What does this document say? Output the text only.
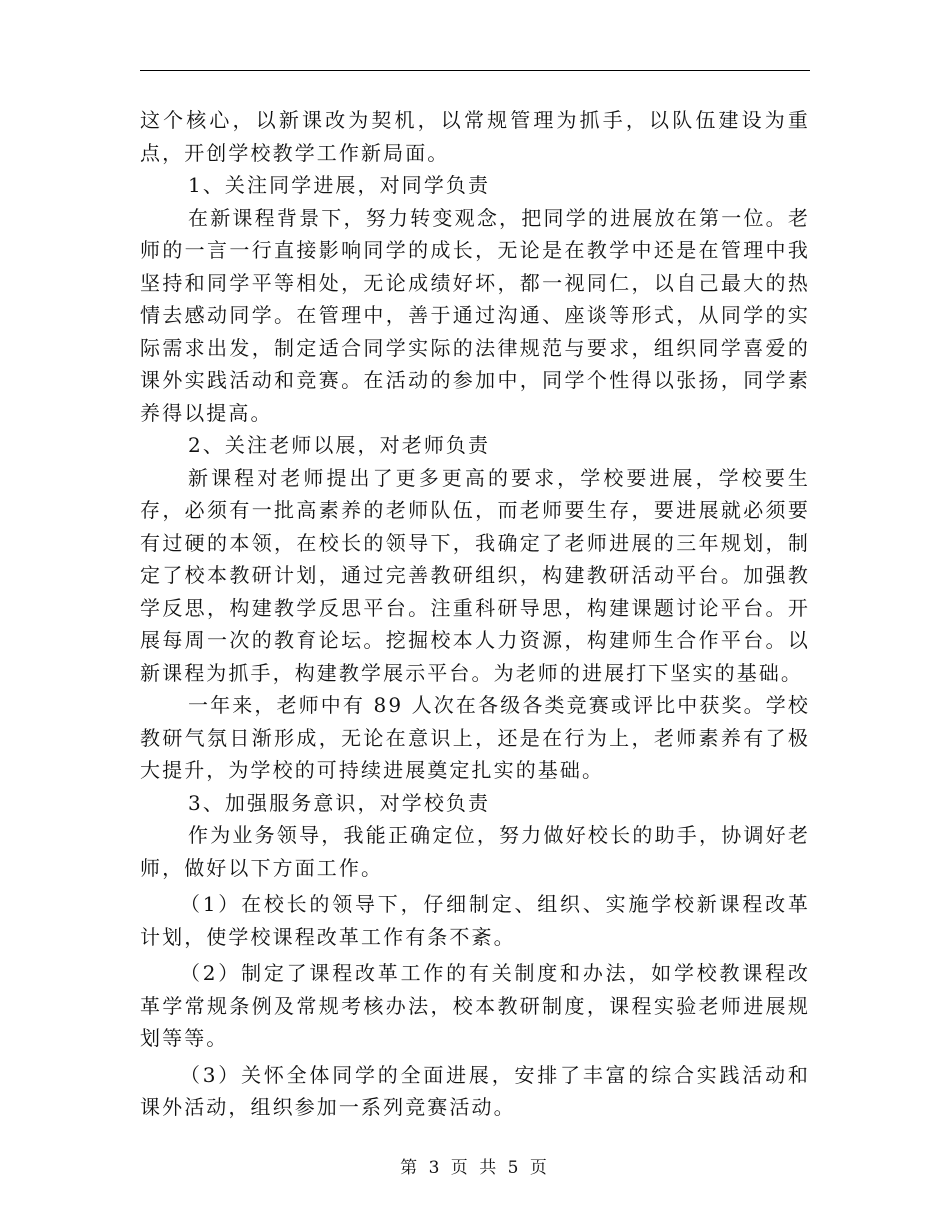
这个核心，以新课改为契机，以常规管理为抓手，以队伍建设为重点，开创学校教学工作新局面。

1、关注同学进展，对同学负责

在新课程背景下，努力转变观念，把同学的进展放在第一位。老师的一言一行直接影响同学的成长，无论是在教学中还是在管理中我坚持和同学平等相处，无论成绩好坏，都一视同仁，以自己最大的热情去感动同学。在管理中，善于通过沟通、座谈等形式，从同学的实际需求出发，制定适合同学实际的法律规范与要求，组织同学喜爱的课外实践活动和竞赛。在活动的参加中，同学个性得以张扬，同学素养得以提高。

2、关注老师以展，对老师负责

新课程对老师提出了更多更高的要求，学校要进展，学校要生存，必须有一批高素养的老师队伍，而老师要生存，要进展就必须要有过硬的本领，在校长的领导下，我确定了老师进展的三年规划，制定了校本教研计划，通过完善教研组织，构建教研活动平台。加强教学反思，构建教学反思平台。注重科研导思，构建课题讨论平台。开展每周一次的教育论坛。挖掘校本人力资源，构建师生合作平台。以新课程为抓手，构建教学展示平台。为老师的进展打下坚实的基础。

一年来，老师中有 89 人次在各级各类竞赛或评比中获奖。学校教研气氛日渐形成，无论在意识上，还是在行为上，老师素养有了极大提升，为学校的可持续进展奠定扎实的基础。

3、加强服务意识，对学校负责

作为业务领导，我能正确定位，努力做好校长的助手，协调好老师，做好以下方面工作。

（1）在校长的领导下，仔细制定、组织、实施学校新课程改革计划，使学校课程改革工作有条不紊。

（2）制定了课程改革工作的有关制度和办法，如学校教课程改革学常规条例及常规考核办法，校本教研制度，课程实验老师进展规划等等。

（3）关怀全体同学的全面进展，安排了丰富的综合实践活动和课外活动，组织参加一系列竞赛活动。

第 3 页 共 5 页
